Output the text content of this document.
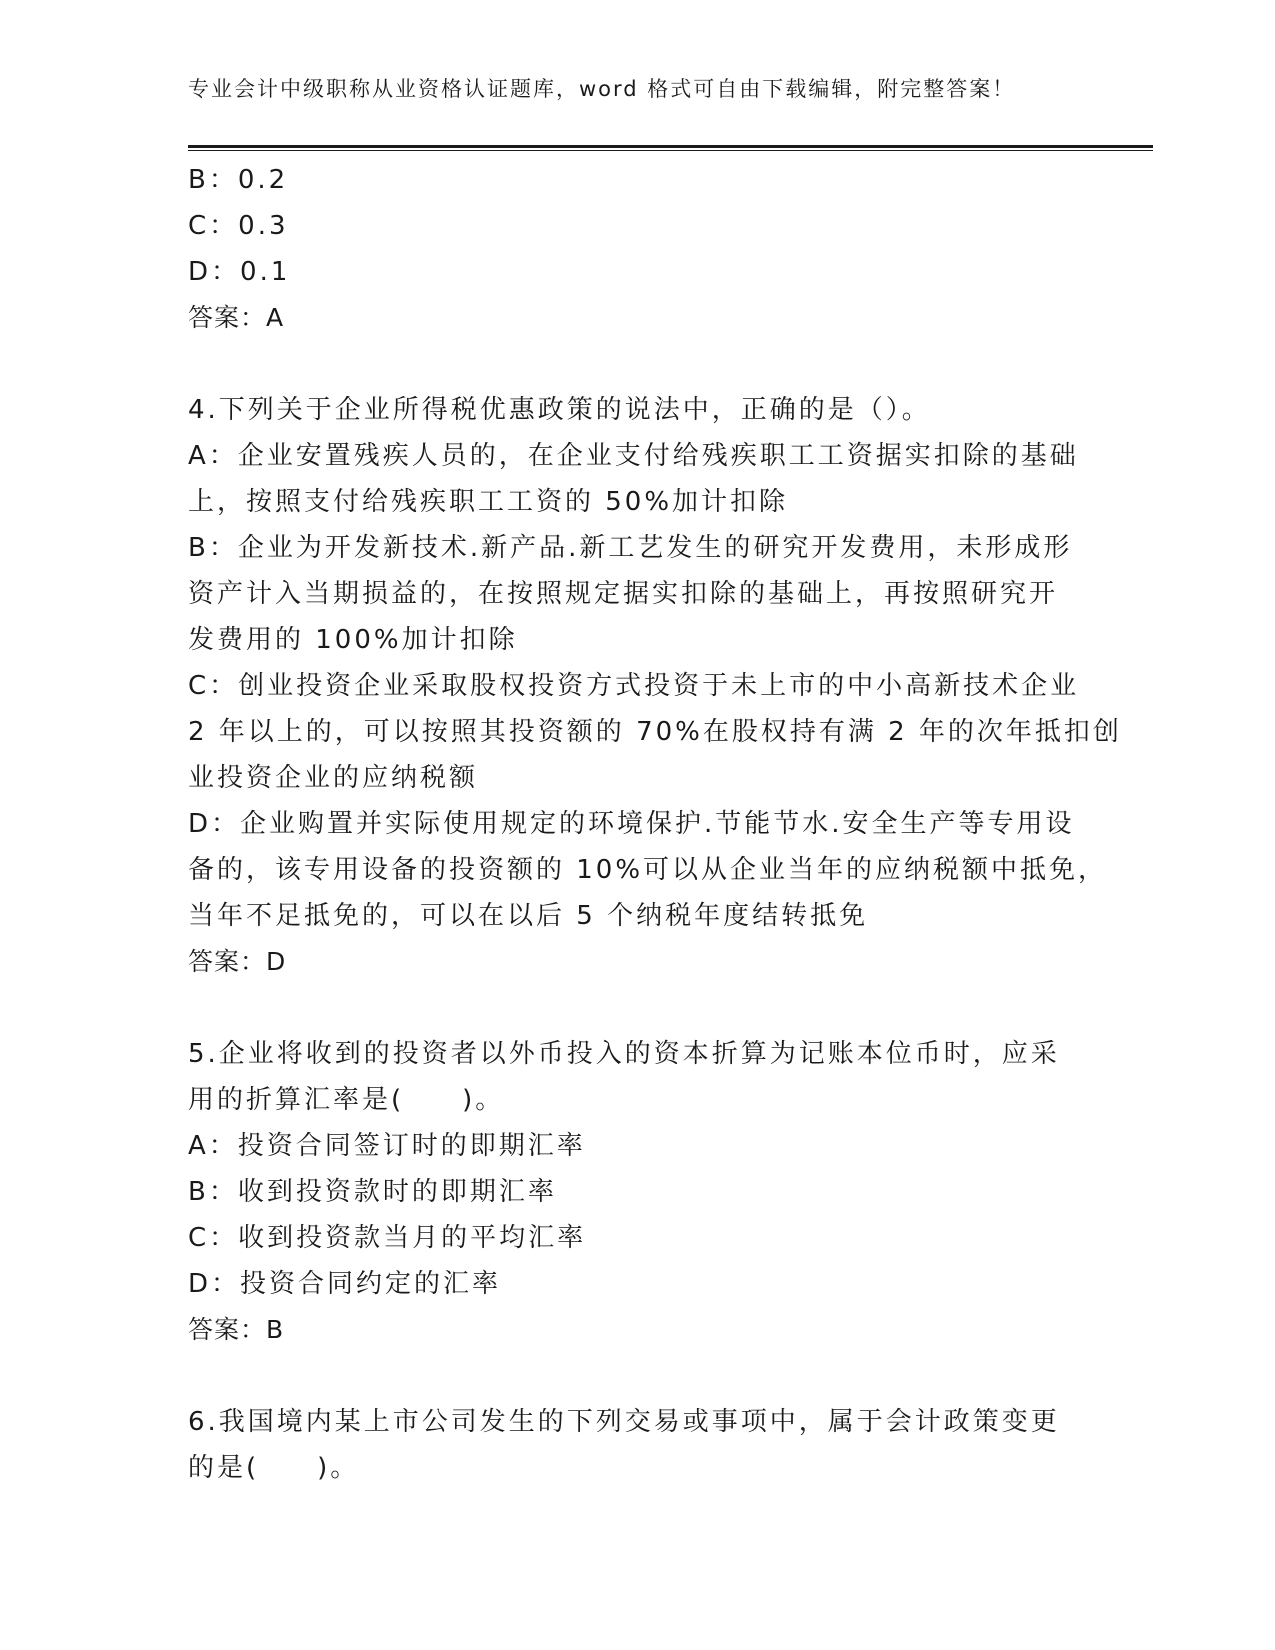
专业会计中级职称从业资格认证题库，word 格式可自由下载编辑，附完整答案！
B：0.2
C：0.3
D：0.1
答案：A
4.下列关于企业所得税优惠政策的说法中，正确的是（）。
A：企业安置残疾人员的，在企业支付给残疾职工工资据实扣除的基础
上，按照支付给残疾职工工资的 50%加计扣除
B：企业为开发新技术.新产品.新工艺发生的研究开发费用，未形成形
资产计入当期损益的，在按照规定据实扣除的基础上，再按照研究开
发费用的 100%加计扣除
C：创业投资企业采取股权投资方式投资于未上市的中小高新技术企业
2 年以上的，可以按照其投资额的 70%在股权持有满 2 年的次年抵扣创
业投资企业的应纳税额
D：企业购置并实际使用规定的环境保护.节能节水.安全生产等专用设
备的，该专用设备的投资额的 10%可以从企业当年的应纳税额中抵免，
当年不足抵免的，可以在以后 5 个纳税年度结转抵免
答案：D
5.企业将收到的投资者以外币投入的资本折算为记账本位币时，应采
用的折算汇率是(　　)。
A：投资合同签订时的即期汇率
B：收到投资款时的即期汇率
C：收到投资款当月的平均汇率
D：投资合同约定的汇率
答案：B
6.我国境内某上市公司发生的下列交易或事项中，属于会计政策变更
的是(　　)。
